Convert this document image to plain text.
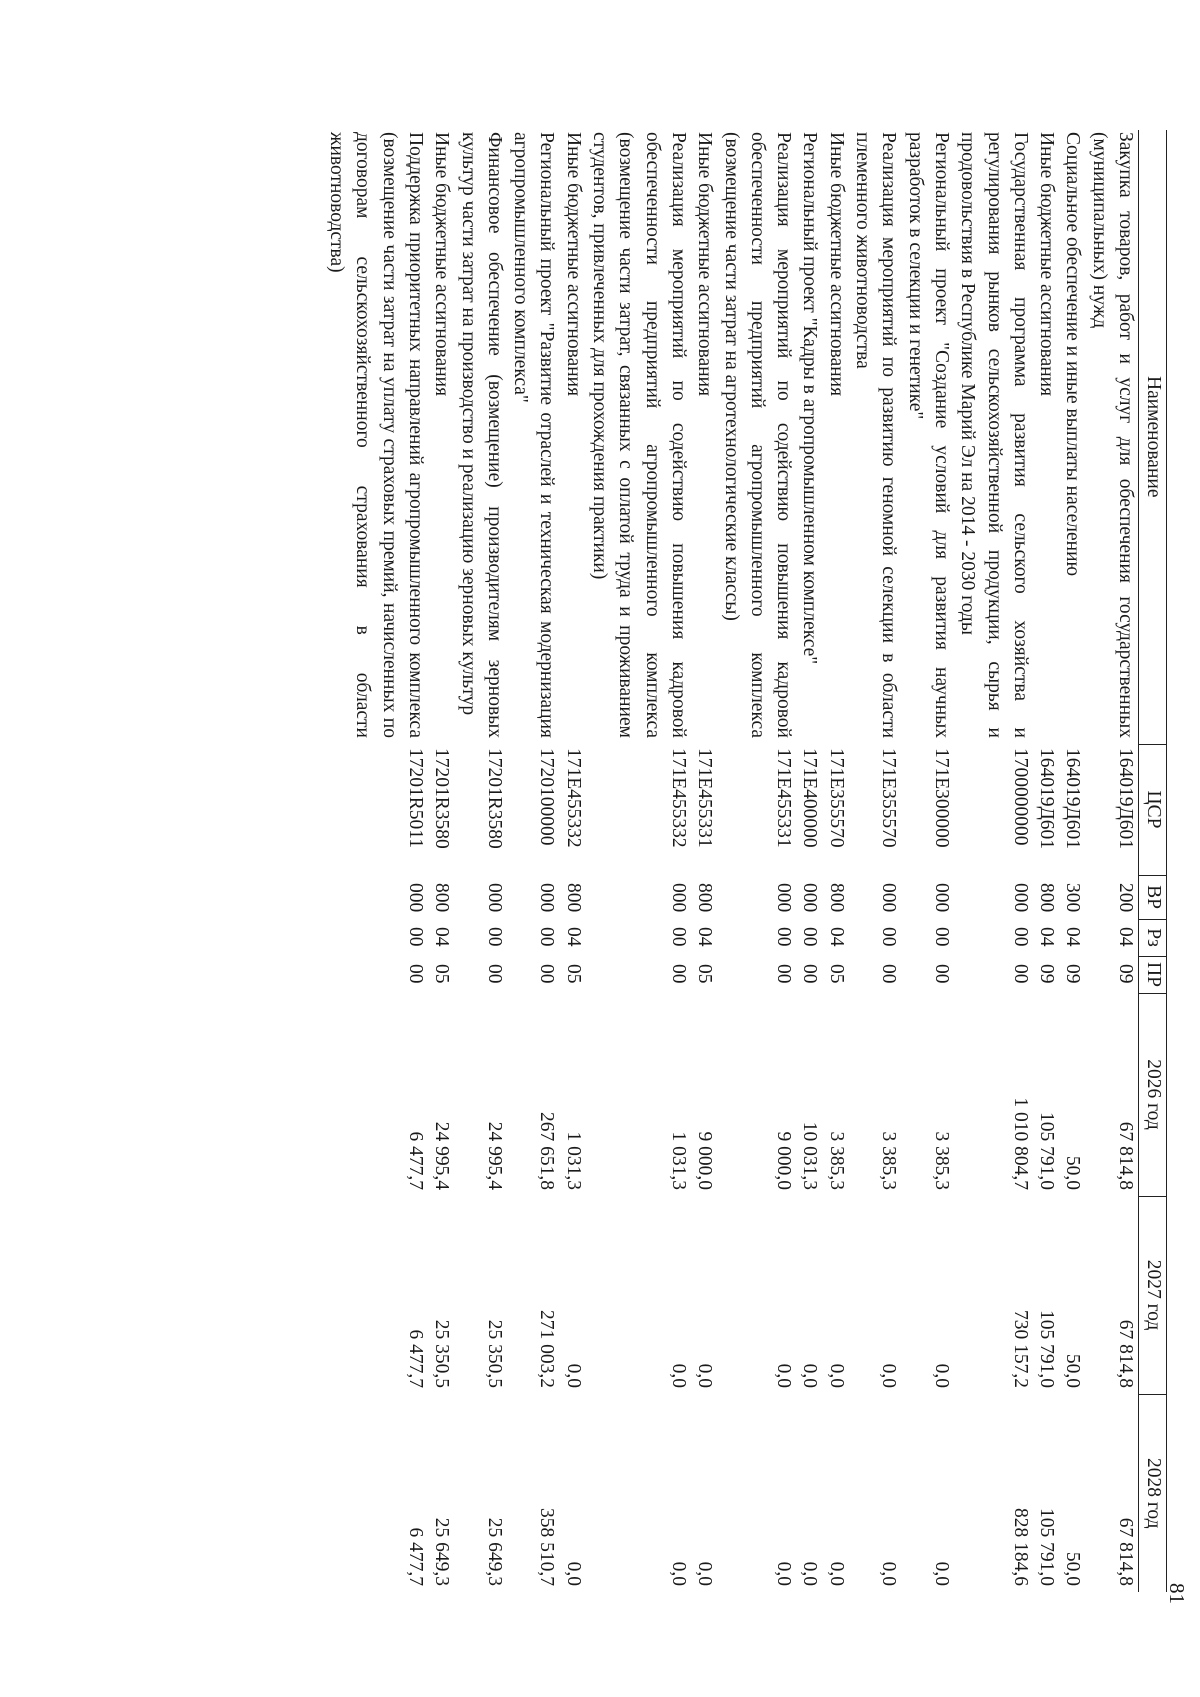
81
Наименование	ЦСР	ВР	Рз	ПР	2026 год	2027 год	2028 год
Закупка товаров, работ и услуг для обеспечения государственных (муниципальных) нужд	164019Д601	200	04	09	67 814,8	67 814,8	67 814,8
Социальное обеспечение и иные выплаты населению	164019Д601	300	04	09	50,0	50,0	50,0
Иные бюджетные ассигнования	164019Д601	800	04	09	105 791,0	105 791,0	105 791,0
Государственная программа развития сельского хозяйства и регулирования рынков сельскохозяйственной продукции, сырья и продовольствия в Республике Марий Эл на 2014 - 2030 годы	1700000000	000	00	00	1 010 804,7	730 157,2	828 184,6
Региональный проект "Создание условий для развития научных разработок в селекции и генетике"	171E300000	000	00	00	3 385,3	0,0	0,0
Реализация мероприятий по развитию геномной селекции в области племенного животноводства	171E355570	000	00	00	3 385,3	0,0	0,0
Иные бюджетные ассигнования	171E355570	800	04	05	3 385,3	0,0	0,0
Региональный проект "Кадры в агропромышленном комплексе"	171E400000	000	00	00	10 031,3	0,0	0,0
Реализация мероприятий по содействию повышения кадровой обеспеченности предприятий агропромышленного комплекса (возмещение части затрат на агротехнологические классы)	171E455331	000	00	00	9 000,0	0,0	0,0
Иные бюджетные ассигнования	171E455331	800	04	05	9 000,0	0,0	0,0
Реализация мероприятий по содействию повышения кадровой обеспеченности предприятий агропромышленного комплекса (возмещение части затрат, связанных с оплатой труда и проживанием студентов, привлеченных для прохождения практики)	171E455332	000	00	00	1 031,3	0,0	0,0
Иные бюджетные ассигнования	171E455332	800	04	05	1 031,3	0,0	0,0
Региональный проект "Развитие отраслей и техническая модернизация агропромышленного комплекса"	1720100000	000	00	00	267 651,8	271 003,2	358 510,7
Финансовое обеспечение (возмещение) производителям зерновых культур части затрат на производство и реализацию зерновых культур	17201R3580	000	00	00	24 995,4	25 350,5	25 649,3
Иные бюджетные ассигнования	17201R3580	800	04	05	24 995,4	25 350,5	25 649,3
Поддержка приоритетных направлений агропромышленного комплекса (возмещение части затрат на уплату страховых премий, начисленных по договорам сельскохозяйственного страхования в области животноводства)	17201R5011	000	00	00	6 477,7	6 477,7	6 477,7
